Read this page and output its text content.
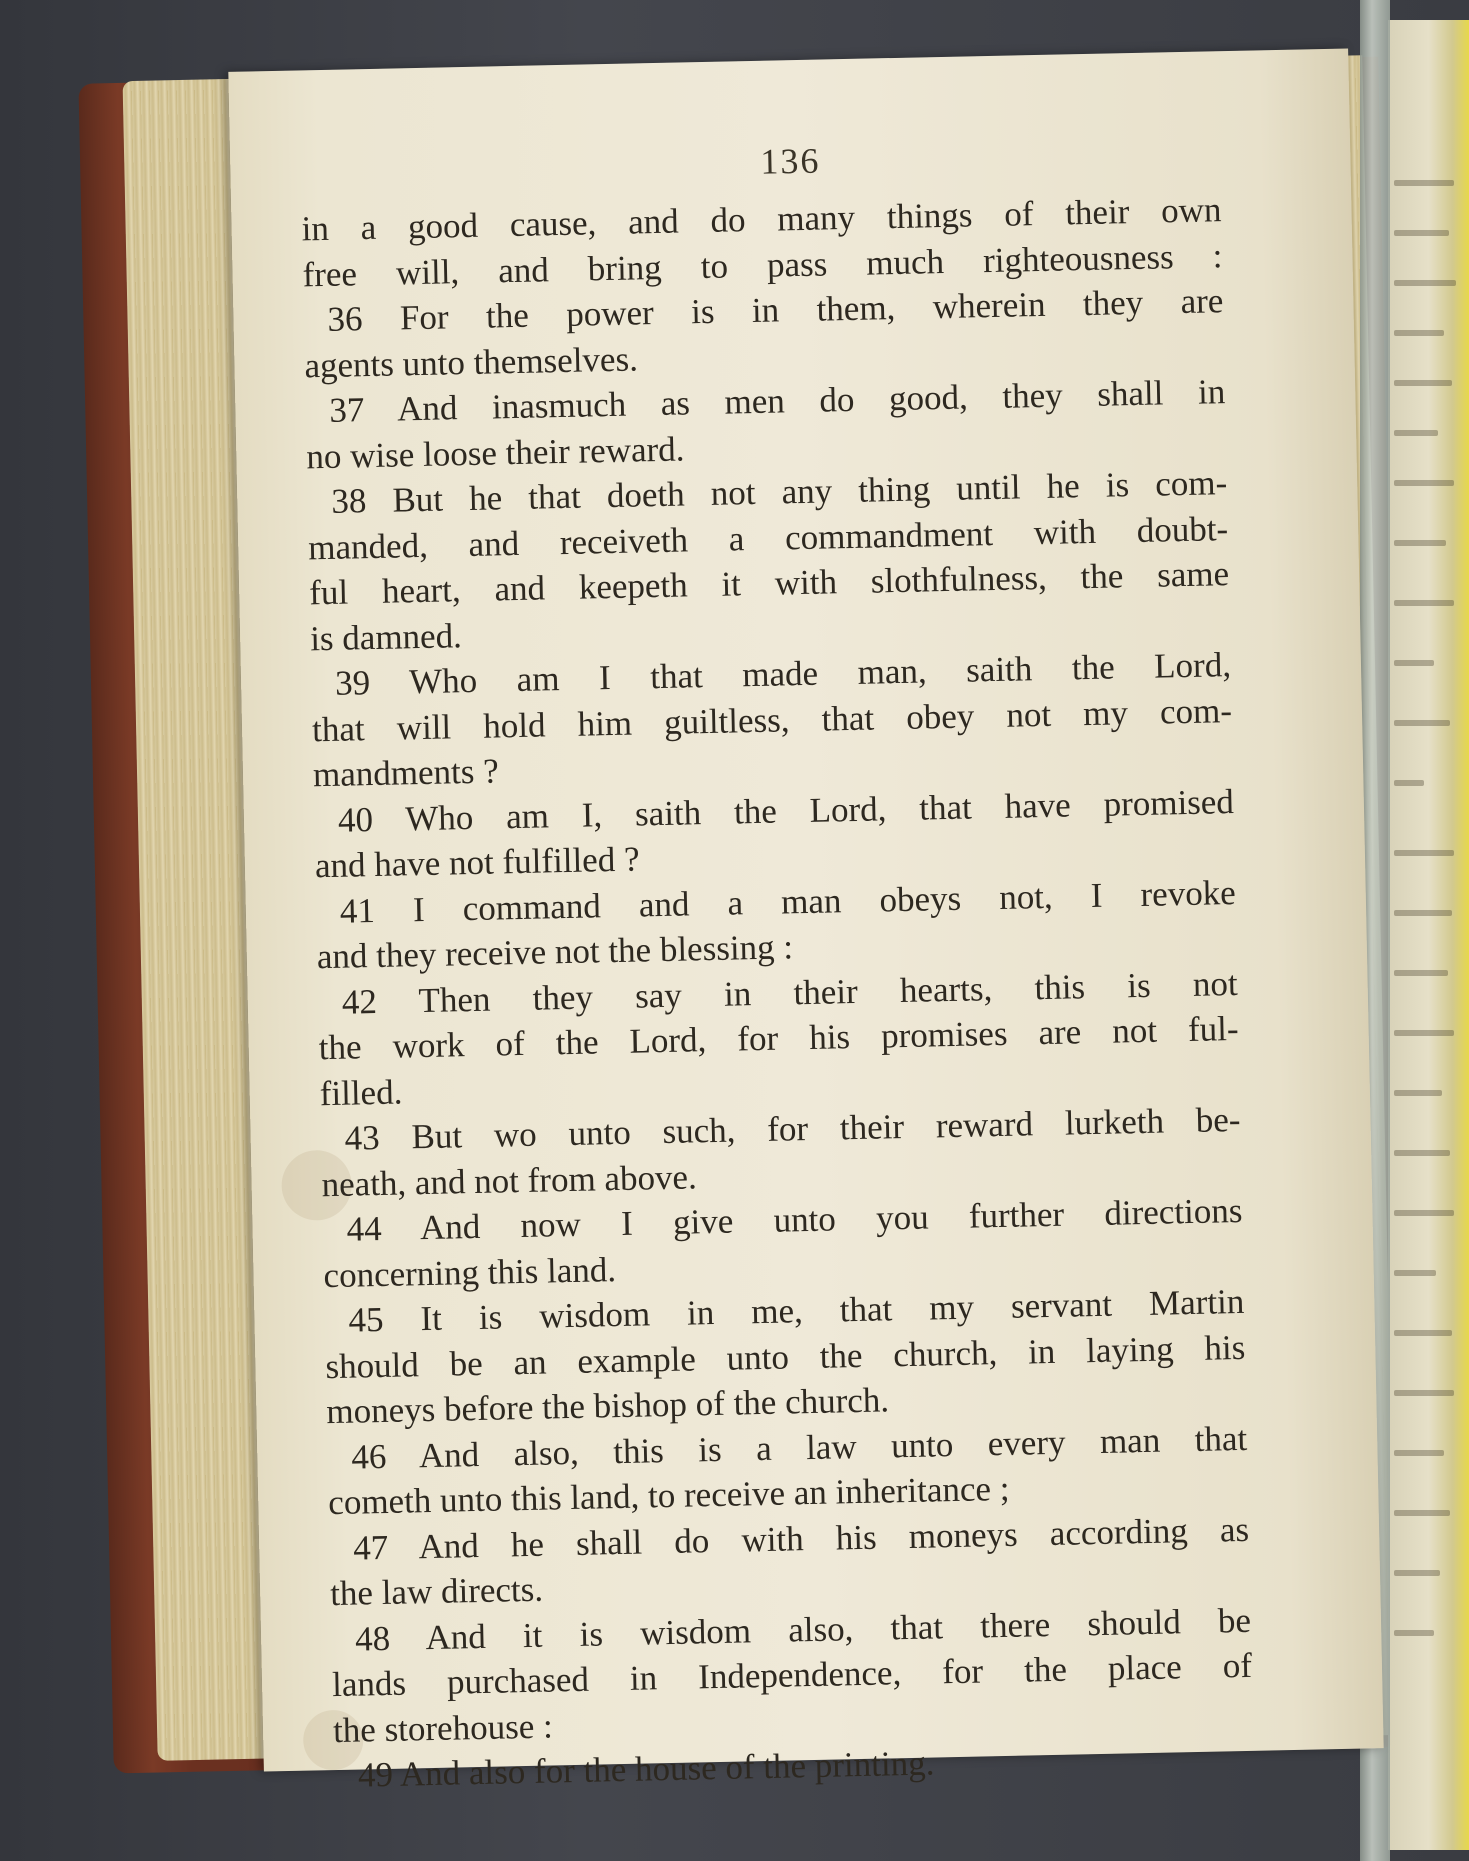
136
in a good cause, and do many things of their own
free will, and bring to pass much righteousness :
36 For the power is in them, wherein they are
agents unto themselves.
37 And inasmuch as men do good, they shall in
no wise loose their reward.
38 But he that doeth not any thing until he is com-
manded, and receiveth a commandment with doubt-
ful heart, and keepeth it with slothfulness, the same
is damned.
39 Who am I that made man, saith the Lord,
that will hold him guiltless, that obey not my com-
mandments ?
40 Who am I, saith the Lord, that have promised
and have not fulfilled ?
41 I command and a man obeys not, I revoke
and they receive not the blessing :
42 Then they say in their hearts, this is not
the work of the Lord, for his promises are not ful-
filled.
43 But wo unto such, for their reward lurketh be-
neath, and not from above.
44 And now I give unto you further directions
concerning this land.
45 It is wisdom in me, that my servant Martin
should be an example unto the church, in laying his
moneys before the bishop of the church.
46 And also, this is a law unto every man that
cometh unto this land, to receive an inheritance ;
47 And he shall do with his moneys according as
the law directs.
48 And it is wisdom also, that there should be
lands purchased in Independence, for the place of
the storehouse :
49 And also for the house of the printing.
